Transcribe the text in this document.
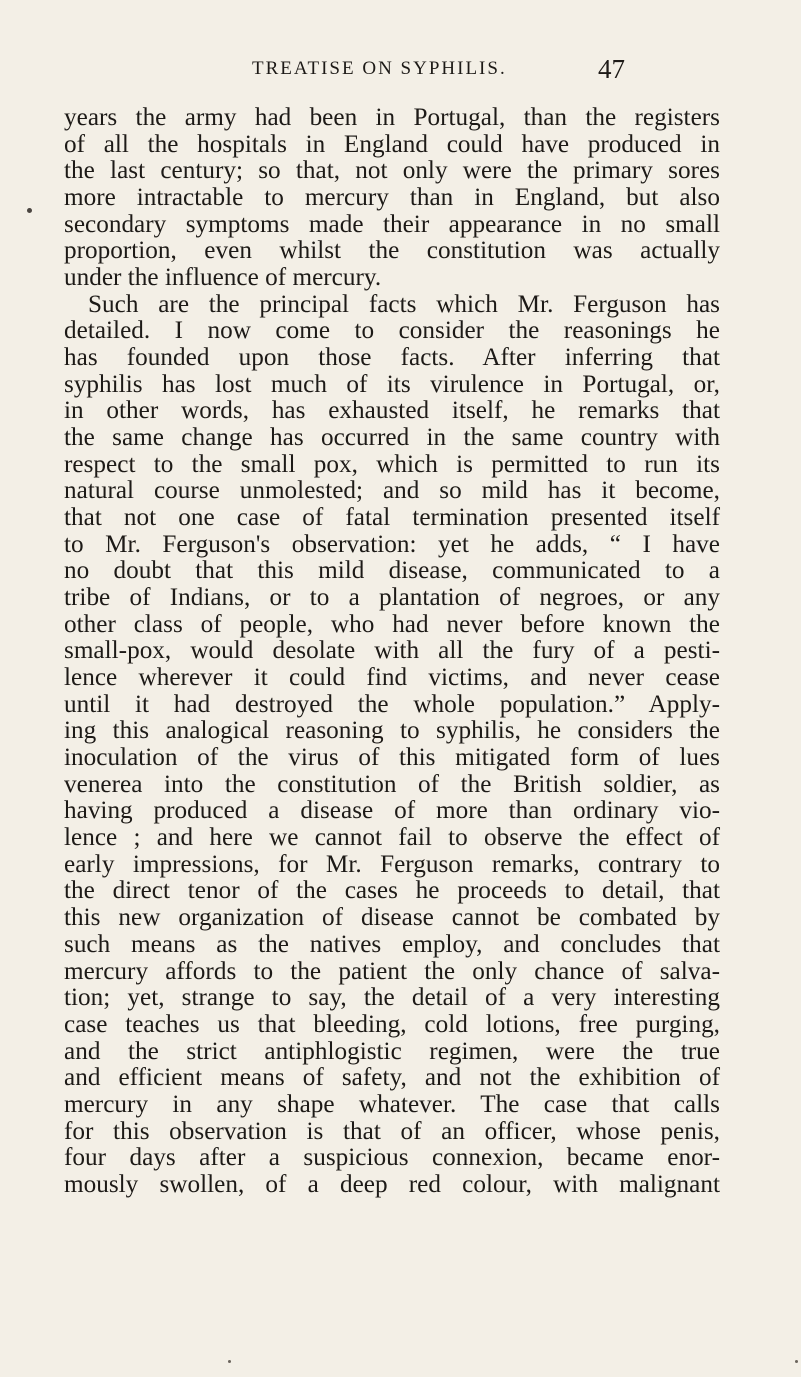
TREATISE ON SYPHILIS.	47
years the army had been in Portugal, than the registers
of all the hospitals in England could have produced in
the last century; so that, not only were the primary sores
more intractable to mercury than in England, but also
secondary symptoms made their appearance in no small
proportion, even whilst the constitution was actually
under the influence of mercury.
Such are the principal facts which Mr. Ferguson has
detailed. I now come to consider the reasonings he
has founded upon those facts. After inferring that
syphilis has lost much of its virulence in Portugal, or,
in other words, has exhausted itself, he remarks that
the same change has occurred in the same country with
respect to the small pox, which is permitted to run its
natural course unmolested; and so mild has it become,
that not one case of fatal termination presented itself
to Mr. Ferguson's observation: yet he adds, “ I have
no doubt that this mild disease, communicated to a
tribe of Indians, or to a plantation of negroes, or any
other class of people, who had never before known the
small-pox, would desolate with all the fury of a pesti-
lence wherever it could find victims, and never cease
until it had destroyed the whole population.” Apply-
ing this analogical reasoning to syphilis, he considers the
inoculation of the virus of this mitigated form of lues
venerea into the constitution of the British soldier, as
having produced a disease of more than ordinary vio-
lence ; and here we cannot fail to observe the effect of
early impressions, for Mr. Ferguson remarks, contrary to
the direct tenor of the cases he proceeds to detail, that
this new organization of disease cannot be combated by
such means as the natives employ, and concludes that
mercury affords to the patient the only chance of salva-
tion; yet, strange to say, the detail of a very interesting
case teaches us that bleeding, cold lotions, free purging,
and the strict antiphlogistic regimen, were the true
and efficient means of safety, and not the exhibition of
mercury in any shape whatever. The case that calls
for this observation is that of an officer, whose penis,
four days after a suspicious connexion, became enor-
mously swollen, of a deep red colour, with malignant
